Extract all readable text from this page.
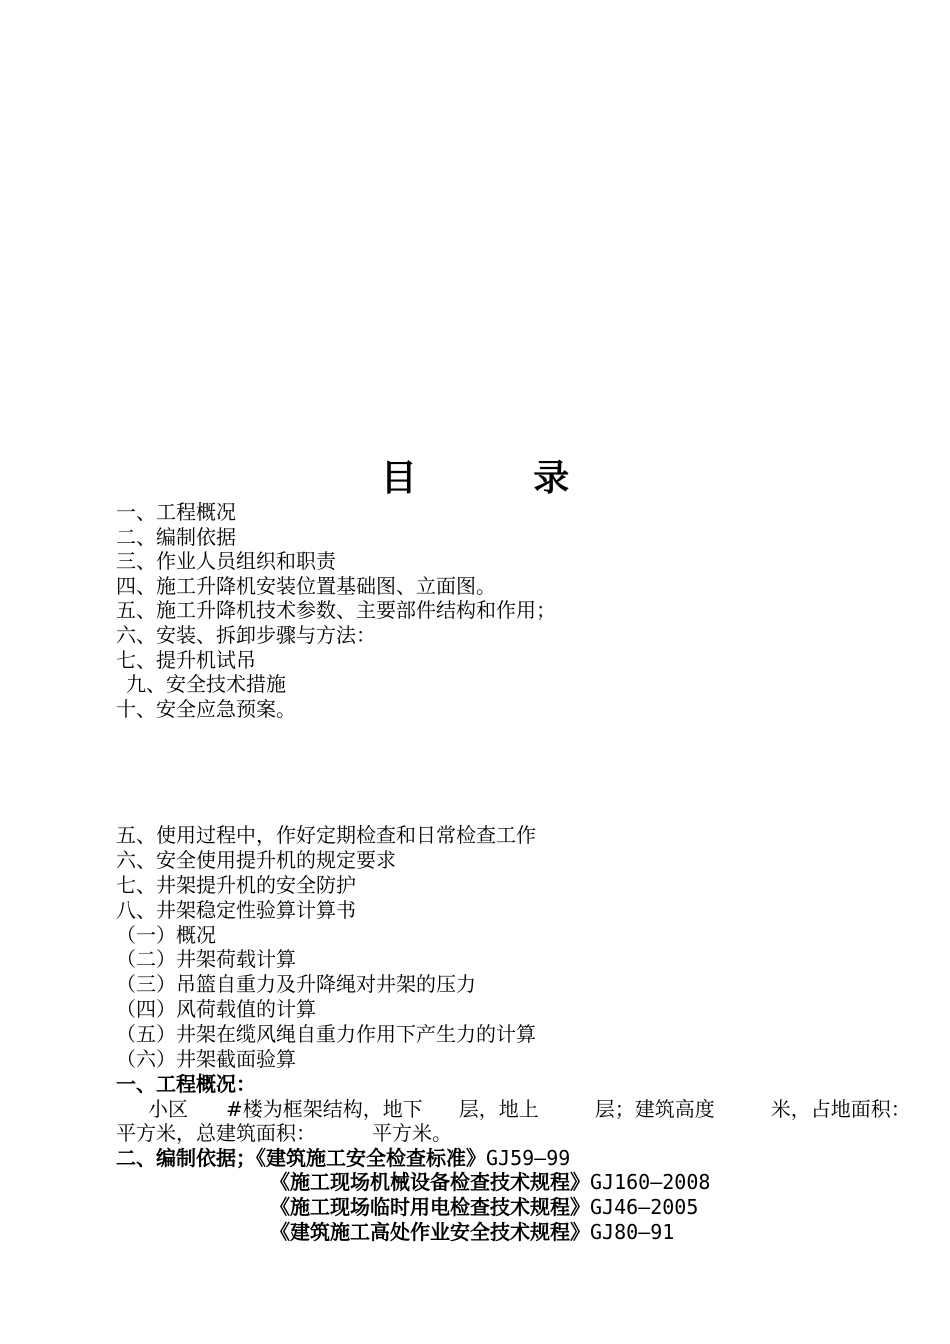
目 录
一、工程概况
二、编制依据
三、作业人员组织和职责
四、施工升降机安装位置基础图、立面图。
五、施工升降机技术参数、主要部件结构和作用；
六、安装、拆卸步骤与方法：
七、提升机试吊
九、安全技术措施
十、安全应急预案。
五、使用过程中，作好定期检查和日常检查工作
六、安全使用提升机的规定要求
七、井架提升机的安全防护
八、井架稳定性验算计算书
（一）概况
（二）井架荷载计算
（三）吊篮自重力及升降绳对井架的压力
（四）风荷载值的计算
（五）井架在缆风绳自重力作用下产生力的计算
（六）井架截面验算
一、工程概况：
小区 #楼为框架结构，地下 层，地上	层；建筑高度	米，占地面积：
平方米，总建筑面积：	平方米。
二、编制依据；《建筑施工安全检查标准》GJ59—99
《施工现场机械设备检查技术规程》GJ160—2008
《施工现场临时用电检查技术规程》GJ46—2005
《建筑施工高处作业安全技术规程》GJ80—91
